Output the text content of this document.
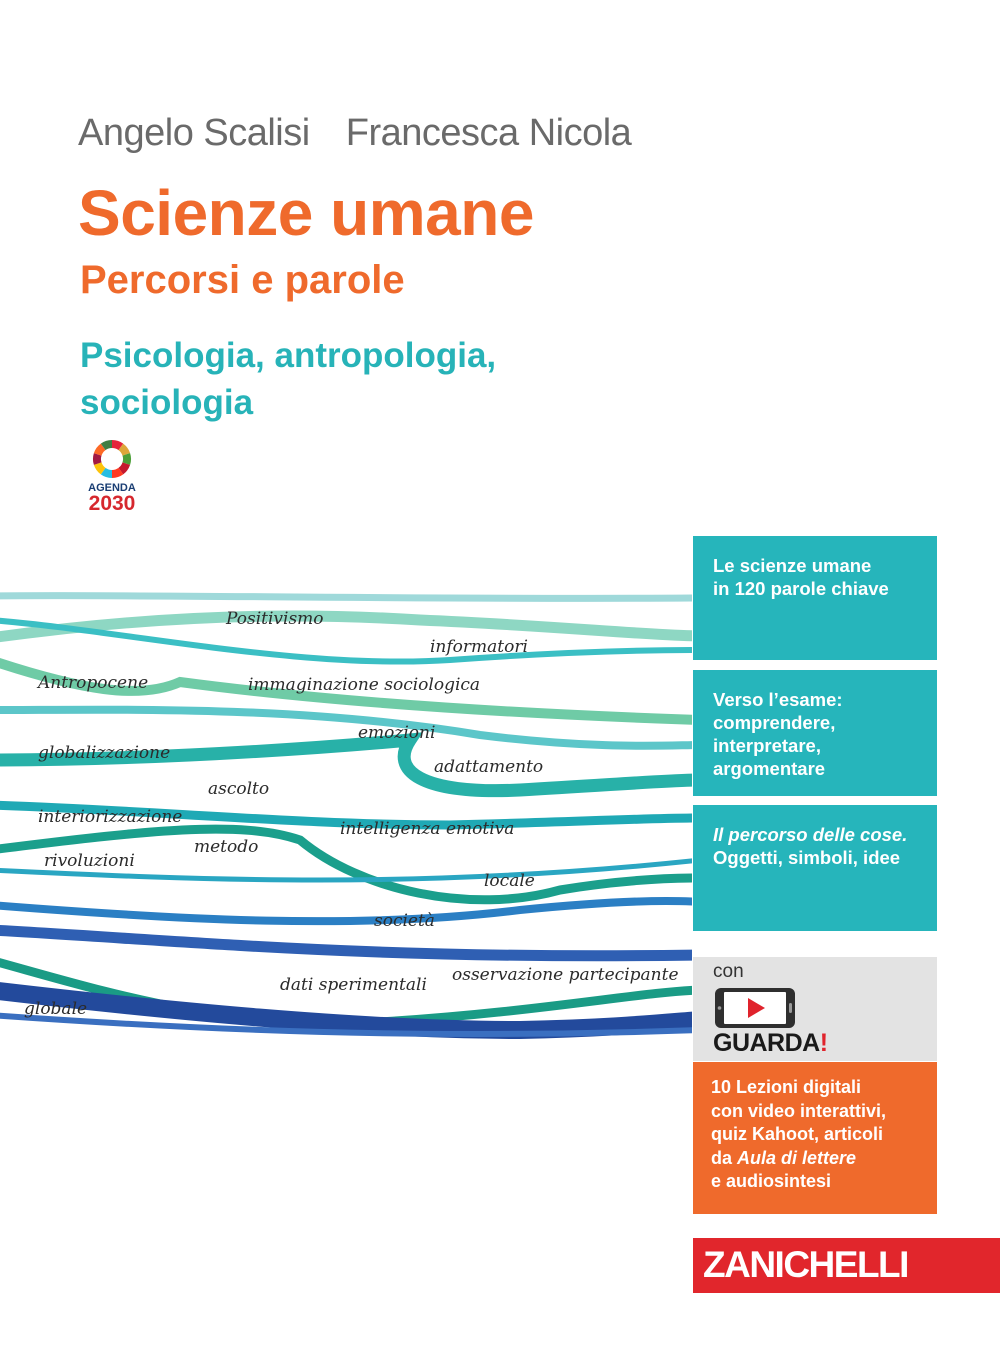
Angelo Scalisi Francesca Nicola
Scienze umane
Percorsi e parole
Psicologia, antropologia,
sociologia
AGENDA
2030
Positivismo
informatori
Antropocene	immaginazione sociologica
emozioni
globalizzazione
adattamento
ascolto
interiorizzazione
intelligenza emotiva
metodo
rivoluzioni
locale
società
dati sperimentali osservazione partecipante
globale
Le scienze umane
in 120 parole chiave
Verso l’esame:
comprendere,
interpretare,
argomentare
Il percorso delle cose.
Oggetti, simboli, idee
con
GUARDA!
10 Lezioni digitali
con video interattivi,
quiz Kahoot, articoli
da Aula di lettere
e audiosintesi
ZANICHELLI
